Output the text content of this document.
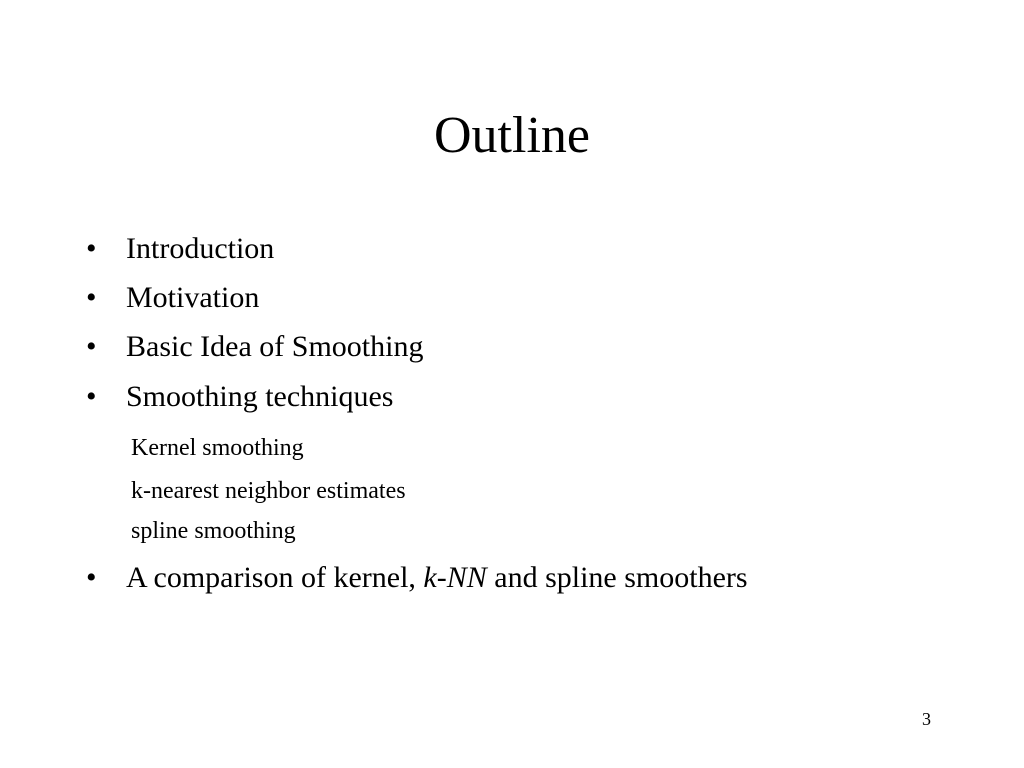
Outline
• Introduction
• Motivation
• Basic Idea of Smoothing
• Smoothing techniques
Kernel smoothing
k-nearest neighbor estimates
spline smoothing
• A comparison of kernel, k-NN and spline smoothers
3
